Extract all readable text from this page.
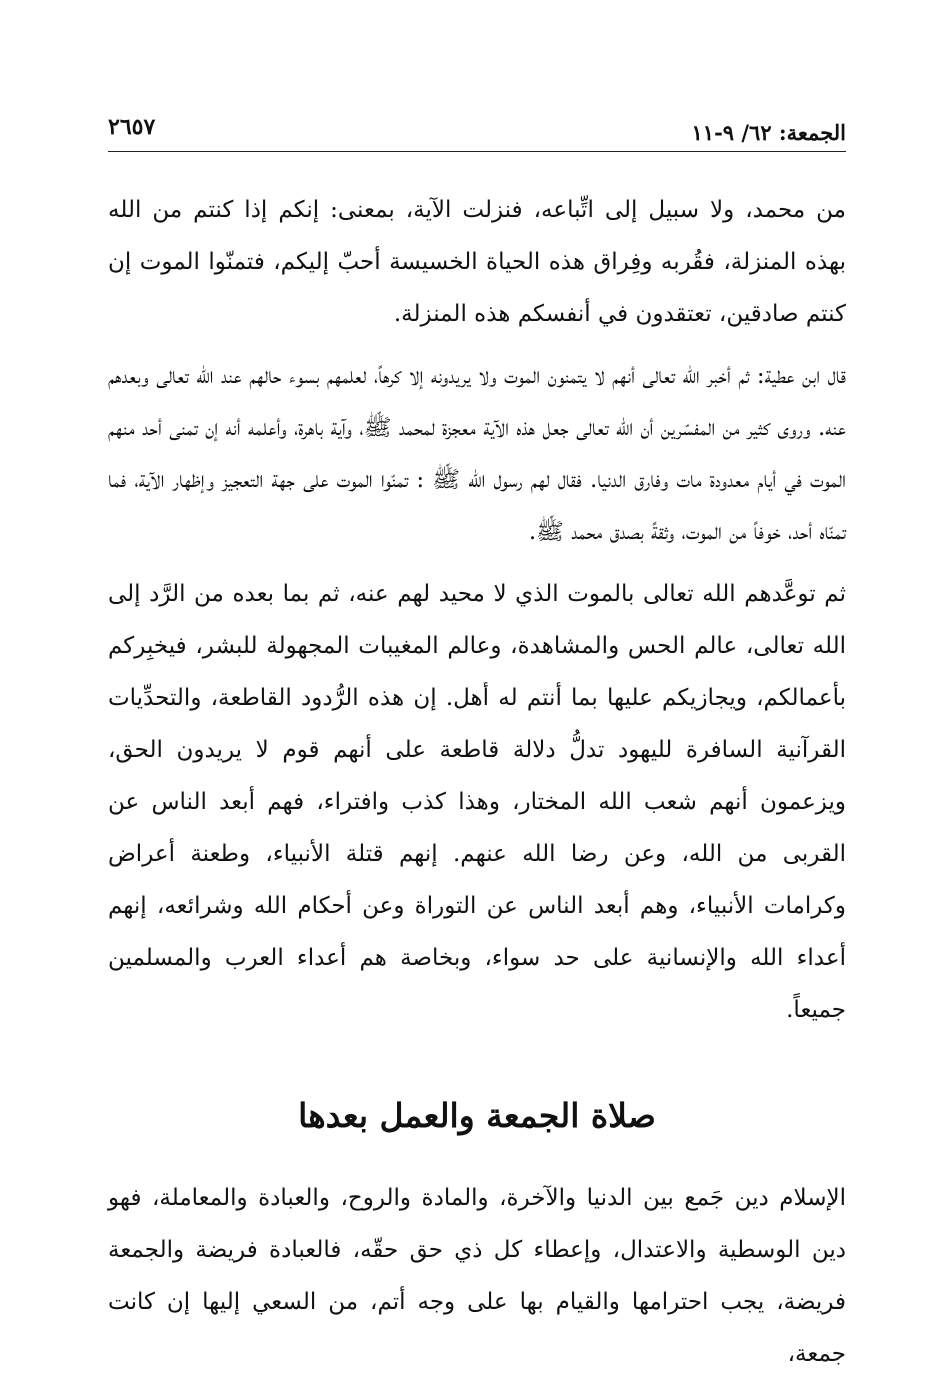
الجمعة: ٦٢/ ٩-١١
٢٦٥٧

من محمد، ولا سبيل إلى اتِّباعه، فنزلت الآية، بمعنى: إنكم إذا كنتم من الله بهذه المنزلة، فقُربه وفِراق هذه الحياة الخسيسة أحبّ إليكم، فتمنّوا الموت إن كنتم صادقين، تعتقدون في أنفسكم هذه المنزلة.

قال ابن عطية: ثم أخبر الله تعالى أنهم لا يتمنون الموت ولا يريدونه إلا كرهاً، لعلمهم بسوء حالهم عند الله تعالى وبعدهم عنه. وروى كثير من المفسّرين أن الله تعالى جعل هذه الآية معجزة لمحمد ﷺ، وآية باهرة، وأعلمه أنه إن تمنى أحد منهم الموت في أيام معدودة مات وفارق الدنيا. فقال لهم رسول الله ﷺ : تمنّوا الموت على جهة التعجيز وإظهار الآية، فما تمنّاه أحد، خوفاً من الموت، وثقةً بصدق محمد ﷺ.

ثم توعَّدهم الله تعالى بالموت الذي لا محيد لهم عنه، ثم بما بعده من الرَّد إلى الله تعالى، عالم الحس والمشاهدة، وعالم المغيبات المجهولة للبشر، فيخبِركم بأعمالكم، ويجازيكم عليها بما أنتم له أهل. إن هذه الرُّدود القاطعة، والتحدِّيات القرآنية السافرة لليهود تدلُّ دلالة قاطعة على أنهم قوم لا يريدون الحق، ويزعمون أنهم شعب الله المختار، وهذا كذب وافتراء، فهم أبعد الناس عن القربى من الله، وعن رضا الله عنهم. إنهم قتلة الأنبياء، وطعنة أعراض وكرامات الأنبياء، وهم أبعد الناس عن التوراة وعن أحكام الله وشرائعه، إنهم أعداء الله والإنسانية على حد سواء، وبخاصة هم أعداء العرب والمسلمين جميعاً.

صلاة الجمعة والعمل بعدها

الإسلام دين جَمع بين الدنيا والآخرة، والمادة والروح، والعبادة والمعاملة، فهو دين الوسطية والاعتدال، وإعطاء كل ذي حق حقّه، فالعبادة فريضة والجمعة فريضة، يجب احترامها والقيام بها على وجه أتم، من السعي إليها إن كانت جمعة،
